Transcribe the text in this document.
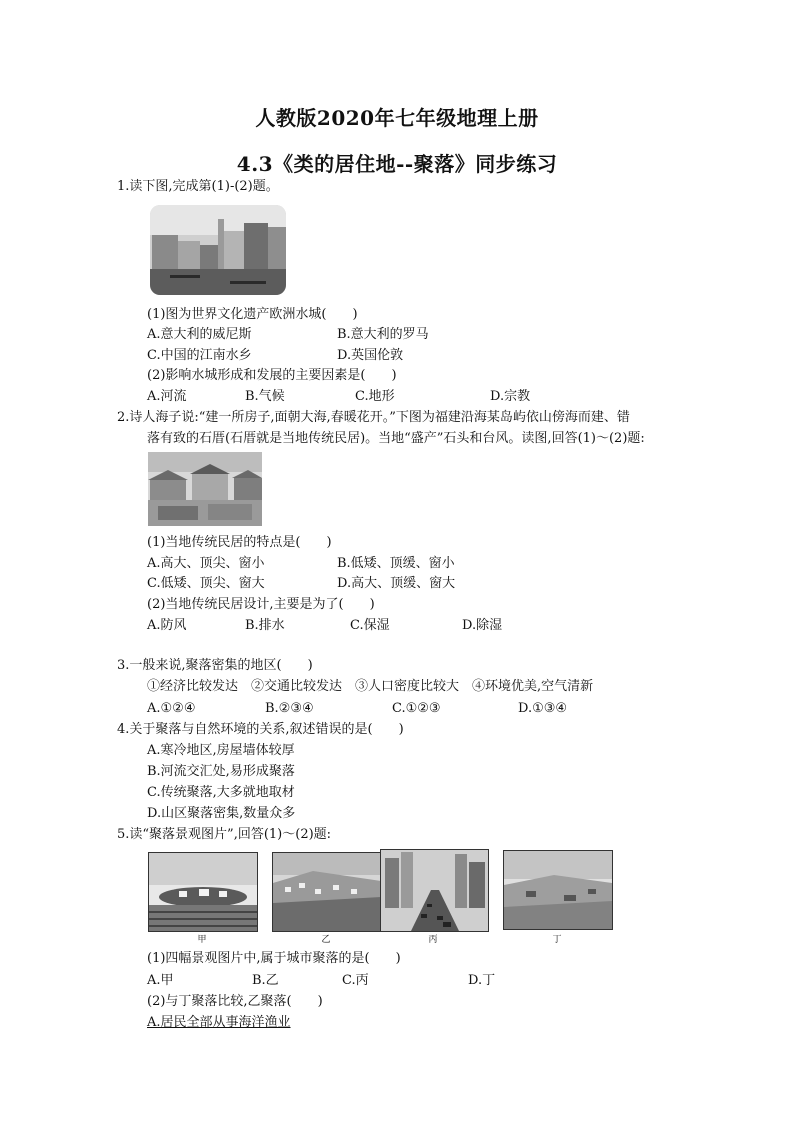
人教版2020年七年级地理上册
4.3《类的居住地--聚落》同步练习
1.读下图,完成第(1)-(2)题。
(1)图为世界文化遗产欧洲水城(　　)
A.意大利的威尼斯	B.意大利的罗马
C.中国的江南水乡	D.英国伦敦
(2)影响水城形成和发展的主要因素是(　　)
A.河流	B.气候	C.地形	D.宗教
2.诗人海子说:“建一所房子,面朝大海,春暖花开。”下图为福建沿海某岛屿依山傍海而建、错
落有致的石厝(石厝就是当地传统民居)。当地“盛产”石头和台风。读图,回答(1)～(2)题:
(1)当地传统民居的特点是(　　)
A.高大、顶尖、窗小	B.低矮、顶缓、窗小
C.低矮、顶尖、窗大	D.高大、顶缓、窗大
(2)当地传统民居设计,主要是为了(　　)
A.防风	B.排水	C.保湿	D.除湿
3.一般来说,聚落密集的地区(　　)
①经济比较发达　②交通比较发达　③人口密度比较大　④环境优美,空气清新
A.①②④	B.②③④	C.①②③	D.①③④
4.关于聚落与自然环境的关系,叙述错误的是(　　)
A.寒冷地区,房屋墙体较厚
B.河流交汇处,易形成聚落
C.传统聚落,大多就地取材
D.山区聚落密集,数量众多
5.读“聚落景观图片”,回答(1)～(2)题:
甲	乙	丙	丁
(1)四幅景观图片中,属于城市聚落的是(　　)
A.甲	B.乙	C.丙	D.丁
(2)与丁聚落比较,乙聚落(　　)
A.居民全部从事海洋渔业
